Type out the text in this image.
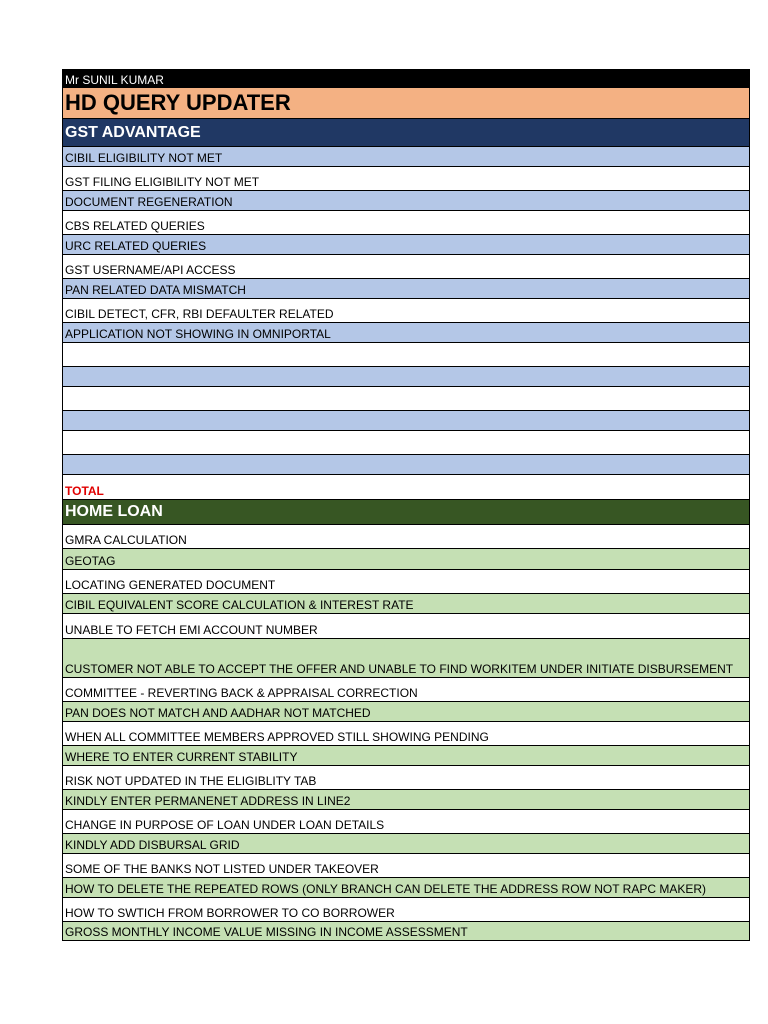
Mr SUNIL KUMAR
HD QUERY UPDATER
GST ADVANTAGE
CIBIL ELIGIBILITY NOT MET
GST FILING ELIGIBILITY NOT MET
DOCUMENT REGENERATION
CBS RELATED QUERIES
URC RELATED QUERIES
GST USERNAME/API ACCESS
PAN RELATED DATA MISMATCH
CIBIL DETECT, CFR, RBI DEFAULTER RELATED
APPLICATION NOT SHOWING IN OMNIPORTAL
TOTAL
HOME LOAN
GMRA CALCULATION
GEOTAG
LOCATING GENERATED DOCUMENT
CIBIL EQUIVALENT SCORE CALCULATION & INTEREST RATE
UNABLE TO FETCH EMI ACCOUNT NUMBER
CUSTOMER NOT ABLE TO ACCEPT THE OFFER AND UNABLE TO FIND WORKITEM UNDER INITIATE DISBURSEMENT
COMMITTEE - REVERTING BACK & APPRAISAL CORRECTION
PAN DOES NOT MATCH AND AADHAR NOT MATCHED
WHEN ALL COMMITTEE MEMBERS APPROVED STILL SHOWING PENDING
WHERE TO ENTER CURRENT STABILITY
RISK NOT UPDATED IN THE ELIGIBLITY TAB
KINDLY ENTER PERMANENET ADDRESS IN LINE2
CHANGE IN PURPOSE OF LOAN UNDER LOAN DETAILS
KINDLY ADD DISBURSAL GRID
SOME OF THE BANKS NOT LISTED UNDER TAKEOVER
HOW TO DELETE THE REPEATED ROWS (ONLY BRANCH CAN DELETE THE ADDRESS ROW NOT RAPC MAKER)
HOW TO SWTICH FROM BORROWER TO CO BORROWER
GROSS MONTHLY INCOME VALUE MISSING IN INCOME ASSESSMENT
